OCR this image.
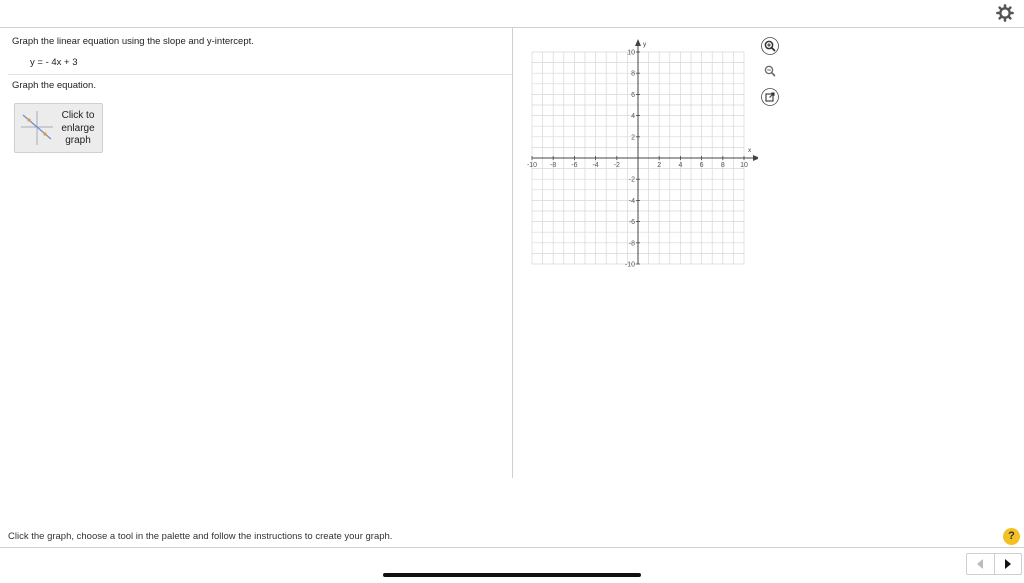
Graph the linear equation using the slope and y-intercept.
y = - 4x + 3
Graph the equation.
Click to enlarge graph
x
y
-10 -8 -6 -4 -2	2 4 6 8 10
10
8
6
4
2
-2
-4
-6
-8
-10
Click the graph, choose a tool in the palette and follow the instructions to create your graph.	?
